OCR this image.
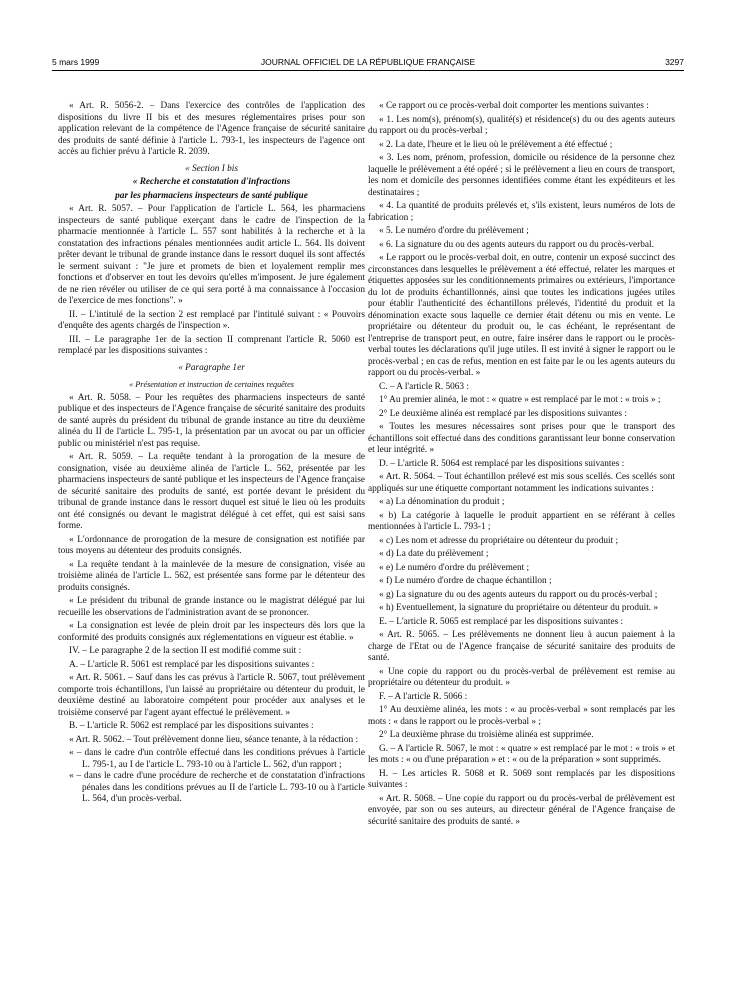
5 mars 1999	JOURNAL OFFICIEL DE LA RÉPUBLIQUE FRANÇAISE	3297

« Art. R. 5056-2. – Dans l'exercice des contrôles de l'application des dispositions du livre II bis et des mesures réglementaires prises pour son application relevant de la compétence de l'Agence française de sécurité sanitaire des produits de santé définie à l'article L. 793-1, les inspecteurs de l'agence ont accès au fichier prévu à l'article R. 2039.

« Section I bis

« Recherche et constatation d'infractions

par les pharmaciens inspecteurs de santé publique

« Art. R. 5057. – Pour l'application de l'article L. 564, les pharmaciens inspecteurs de santé publique exerçant dans le cadre de l'inspection de la pharmacie mentionnée à l'article L. 557 sont habilités à la recherche et à la constatation des infractions pénales mentionnées audit article L. 564. Ils doivent prêter devant le tribunal de grande instance dans le ressort duquel ils sont affectés le serment suivant : "Je jure et promets de bien et loyalement remplir mes fonctions et d'observer en tout les devoirs qu'elles m'imposent. Je jure également de ne rien révéler ou utiliser de ce qui sera porté à ma connaissance à l'occasion de l'exercice de mes fonctions". »

II. – L'intitulé de la section 2 est remplacé par l'intitulé suivant : « Pouvoirs d'enquête des agents chargés de l'inspection ».

III. – Le paragraphe 1er de la section II comprenant l'article R. 5060 est remplacé par les dispositions suivantes :

« Paragraphe 1er

« Présentation et instruction de certaines requêtes

« Art. R. 5058. – Pour les requêtes des pharmaciens inspecteurs de santé publique et des inspecteurs de l'Agence française de sécurité sanitaire des produits de santé auprès du président du tribunal de grande instance au titre du deuxième alinéa du II de l'article L. 795-1, la présentation par un avocat ou par un officier public ou ministériel n'est pas requise.

« Art. R. 5059. – La requête tendant à la prorogation de la mesure de consignation, visée au deuxième alinéa de l'article L. 562, présentée par les pharmaciens inspecteurs de santé publique et les inspecteurs de l'Agence française de sécurité sanitaire des produits de santé, est portée devant le président du tribunal de grande instance dans le ressort duquel est situé le lieu où les produits ont été consignés ou devant le magistrat délégué à cet effet, qui est saisi sans forme.

« L'ordonnance de prorogation de la mesure de consignation est notifiée par tous moyens au détenteur des produits consignés.

« La requête tendant à la mainlevée de la mesure de consignation, visée au troisième alinéa de l'article L. 562, est présentée sans forme par le détenteur des produits consignés.

« Le président du tribunal de grande instance ou le magistrat délégué par lui recueille les observations de l'administration avant de se prononcer.

« La consignation est levée de plein droit par les inspecteurs dès lors que la conformité des produits consignés aux réglementations en vigueur est établie. »

IV. – Le paragraphe 2 de la section II est modifié comme suit :

A. – L'article R. 5061 est remplacé par les dispositions suivantes :

« Art. R. 5061. – Sauf dans les cas prévus à l'article R. 5067, tout prélèvement comporte trois échantillons, l'un laissé au propriétaire ou détenteur du produit, le deuxième destiné au laboratoire compétent pour procéder aux analyses et le troisième conservé par l'agent ayant effectué le prélèvement. »

B. – L'article R. 5062 est remplacé par les dispositions suivantes :

« Art. R. 5062. – Tout prélèvement donne lieu, séance tenante, à la rédaction :

« – dans le cadre d'un contrôle effectué dans les conditions prévues à l'article L. 795-1, au I de l'article L. 793-10 ou à l'article L. 562, d'un rapport ;
« – dans le cadre d'une procédure de recherche et de constatation d'infractions pénales dans les conditions prévues au II de l'article L. 793-10 ou à l'article L. 564, d'un procès-verbal.

« Ce rapport ou ce procès-verbal doit comporter les mentions suivantes :

« 1. Les nom(s), prénom(s), qualité(s) et résidence(s) du ou des agents auteurs du rapport ou du procès-verbal ;

« 2. La date, l'heure et le lieu où le prélèvement a été effectué ;

« 3. Les nom, prénom, profession, domicile ou résidence de la personne chez laquelle le prélèvement a été opéré ; si le prélèvement a lieu en cours de transport, les nom et domicile des personnes identifiées comme étant les expéditeurs et les destinataires ;

« 4. La quantité de produits prélevés et, s'ils existent, leurs numéros de lots de fabrication ;

« 5. Le numéro d'ordre du prélèvement ;

« 6. La signature du ou des agents auteurs du rapport ou du procès-verbal.

« Le rapport ou le procès-verbal doit, en outre, contenir un exposé succinct des circonstances dans lesquelles le prélèvement a été effectué, relater les marques et étiquettes apposées sur les conditionnements primaires ou extérieurs, l'importance du lot de produits échantillonnés, ainsi que toutes les indications jugées utiles pour établir l'authenticité des échantillons prélevés, l'identité du produit et la dénomination exacte sous laquelle ce dernier était détenu ou mis en vente. Le propriétaire ou détenteur du produit ou, le cas échéant, le représentant de l'entreprise de transport peut, en outre, faire insérer dans le rapport ou le procès-verbal toutes les déclarations qu'il juge utiles. Il est invité à signer le rapport ou le procès-verbal ; en cas de refus, mention en est faite par le ou les agents auteurs du rapport ou du procès-verbal. »

C. – A l'article R. 5063 :

1° Au premier alinéa, le mot : « quatre » est remplacé par le mot : « trois » ;

2° Le deuxième alinéa est remplacé par les dispositions suivantes :

« Toutes les mesures nécessaires sont prises pour que le transport des échantillons soit effectué dans des conditions garantissant leur bonne conservation et leur intégrité. »

D. – L'article R. 5064 est remplacé par les dispositions suivantes :

« Art. R. 5064. – Tout échantillon prélevé est mis sous scellés. Ces scellés sont appliqués sur une étiquette comportant notamment les indications suivantes :

« a) La dénomination du produit ;

« b) La catégorie à laquelle le produit appartient en se référant à celles mentionnées à l'article L. 793-1 ;

« c) Les nom et adresse du propriétaire ou détenteur du produit ;

« d) La date du prélèvement ;

« e) Le numéro d'ordre du prélèvement ;

« f) Le numéro d'ordre de chaque échantillon ;

« g) La signature du ou des agents auteurs du rapport ou du procès-verbal ;

« h) Eventuellement, la signature du propriétaire ou détenteur du produit. »

E. – L'article R. 5065 est remplacé par les dispositions suivantes :

« Art. R. 5065. – Les prélèvements ne donnent lieu à aucun paiement à la charge de l'Etat ou de l'Agence française de sécurité sanitaire des produits de santé.

« Une copie du rapport ou du procès-verbal de prélèvement est remise au propriétaire ou détenteur du produit. »

F. – A l'article R. 5066 :

1° Au deuxième alinéa, les mots : « au procès-verbal » sont remplacés par les mots : « dans le rapport ou le procès-verbal » ;

2° La deuxième phrase du troisième alinéa est supprimée.

G. – A l'article R. 5067, le mot : « quatre » est remplacé par le mot : « trois » et les mots : « ou d'une préparation » et : « ou de la préparation » sont supprimés.

H. – Les articles R. 5068 et R. 5069 sont remplacés par les dispositions suivantes :

« Art. R. 5068. – Une copie du rapport ou du procès-verbal de prélèvement est envoyée, par son ou ses auteurs, au directeur général de l'Agence française de sécurité sanitaire des produits de santé. »
